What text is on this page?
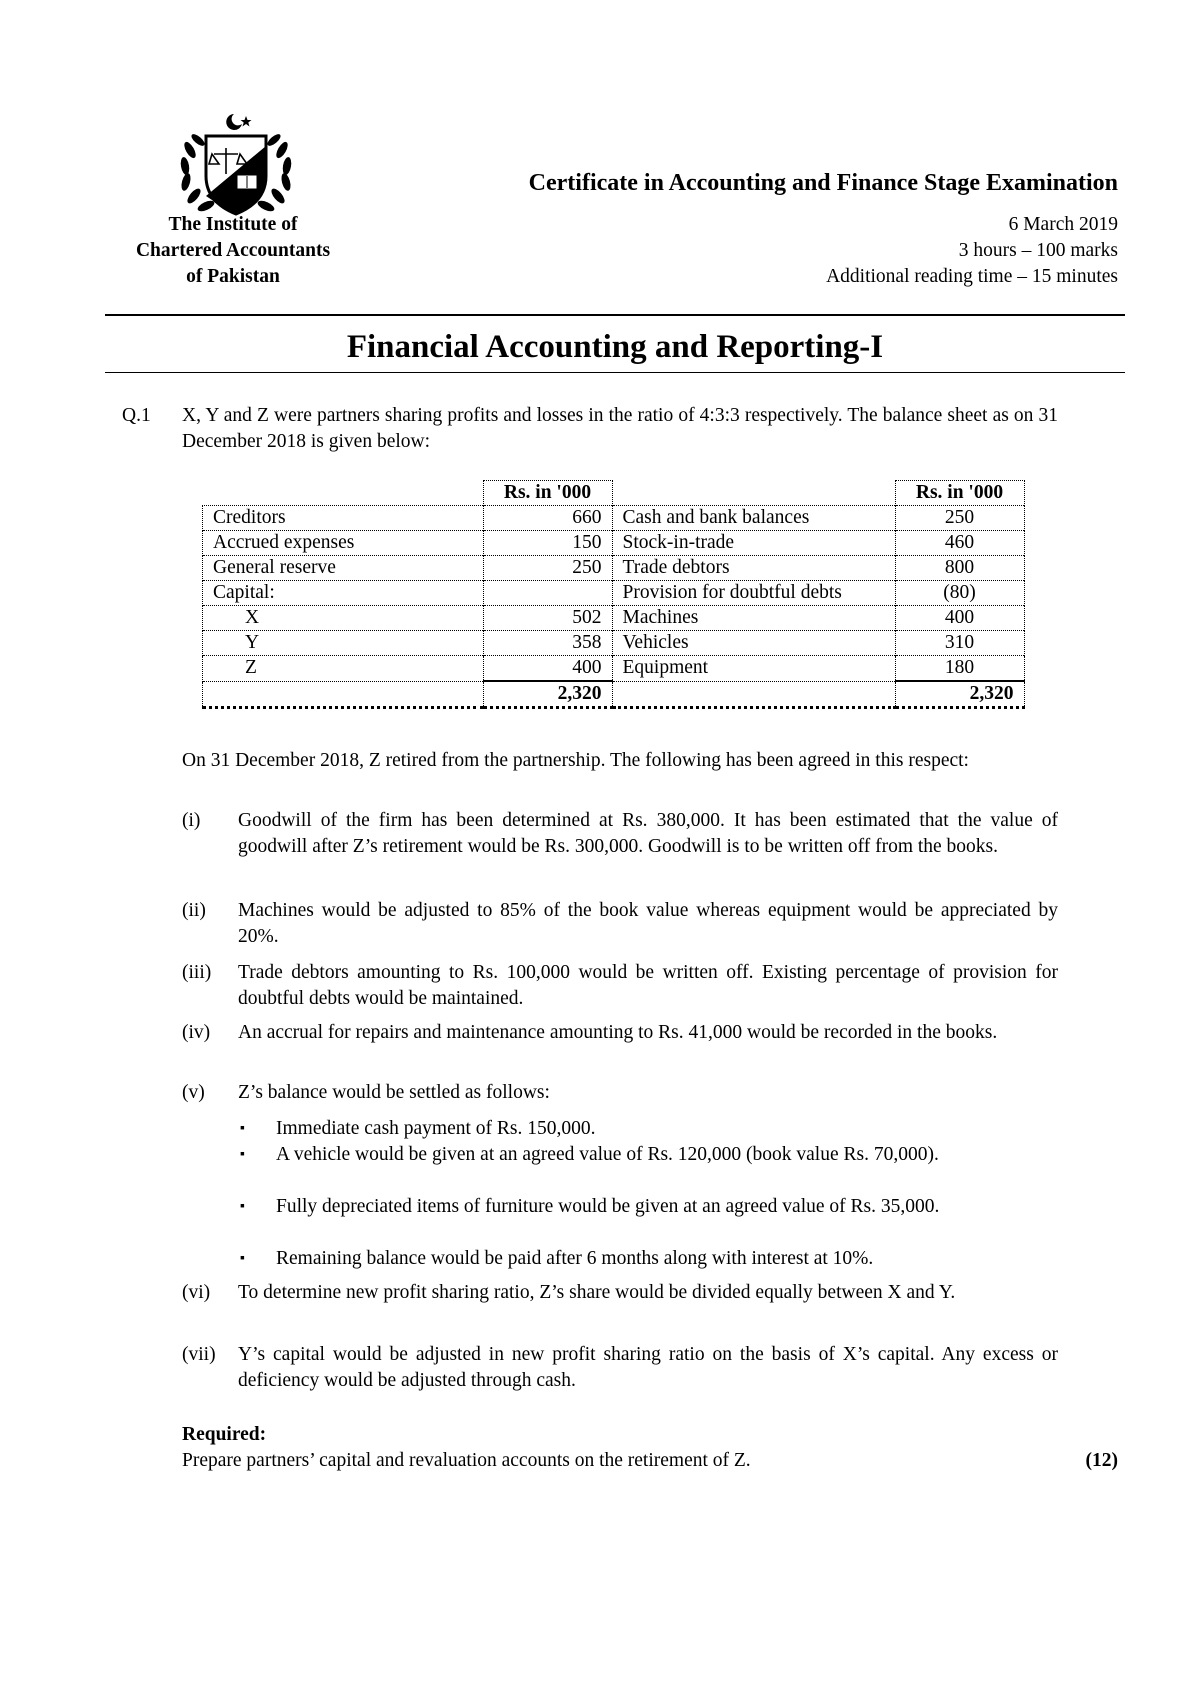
The Institute of
Chartered Accountants
of Pakistan
Certificate in Accounting and Finance Stage Examination
6 March 2019
3 hours – 100 marks
Additional reading time – 15 minutes
Financial Accounting and Reporting-I
Q.1 X, Y and Z were partners sharing profits and losses in the ratio of 4:3:3 respectively. The balance sheet as on 31 December 2018 is given below:
	Rs. in '000		Rs. in '000
Creditors	660	Cash and bank balances	250
Accrued expenses	150	Stock-in-trade	460
General reserve	250	Trade debtors	800
Capital:		Provision for doubtful debts	(80)
X	502	Machines	400
Y	358	Vehicles	310
Z	400	Equipment	180
	2,320		2,320
On 31 December 2018, Z retired from the partnership. The following has been agreed in this respect:
(i) Goodwill of the firm has been determined at Rs. 380,000. It has been estimated that the value of goodwill after Z’s retirement would be Rs. 300,000. Goodwill is to be written off from the books.
(ii) Machines would be adjusted to 85% of the book value whereas equipment would be appreciated by 20%.
(iii) Trade debtors amounting to Rs. 100,000 would be written off. Existing percentage of provision for doubtful debts would be maintained.
(iv) An accrual for repairs and maintenance amounting to Rs. 41,000 would be recorded in the books.
(v) Z’s balance would be settled as follows:
▪ Immediate cash payment of Rs. 150,000.
▪ A vehicle would be given at an agreed value of Rs. 120,000 (book value Rs. 70,000).
▪ Fully depreciated items of furniture would be given at an agreed value of Rs. 35,000.
▪ Remaining balance would be paid after 6 months along with interest at 10%.
(vi) To determine new profit sharing ratio, Z’s share would be divided equally between X and Y.
(vii) Y’s capital would be adjusted in new profit sharing ratio on the basis of X’s capital. Any excess or deficiency would be adjusted through cash.
Required:
Prepare partners’ capital and revaluation accounts on the retirement of Z.	(12)
